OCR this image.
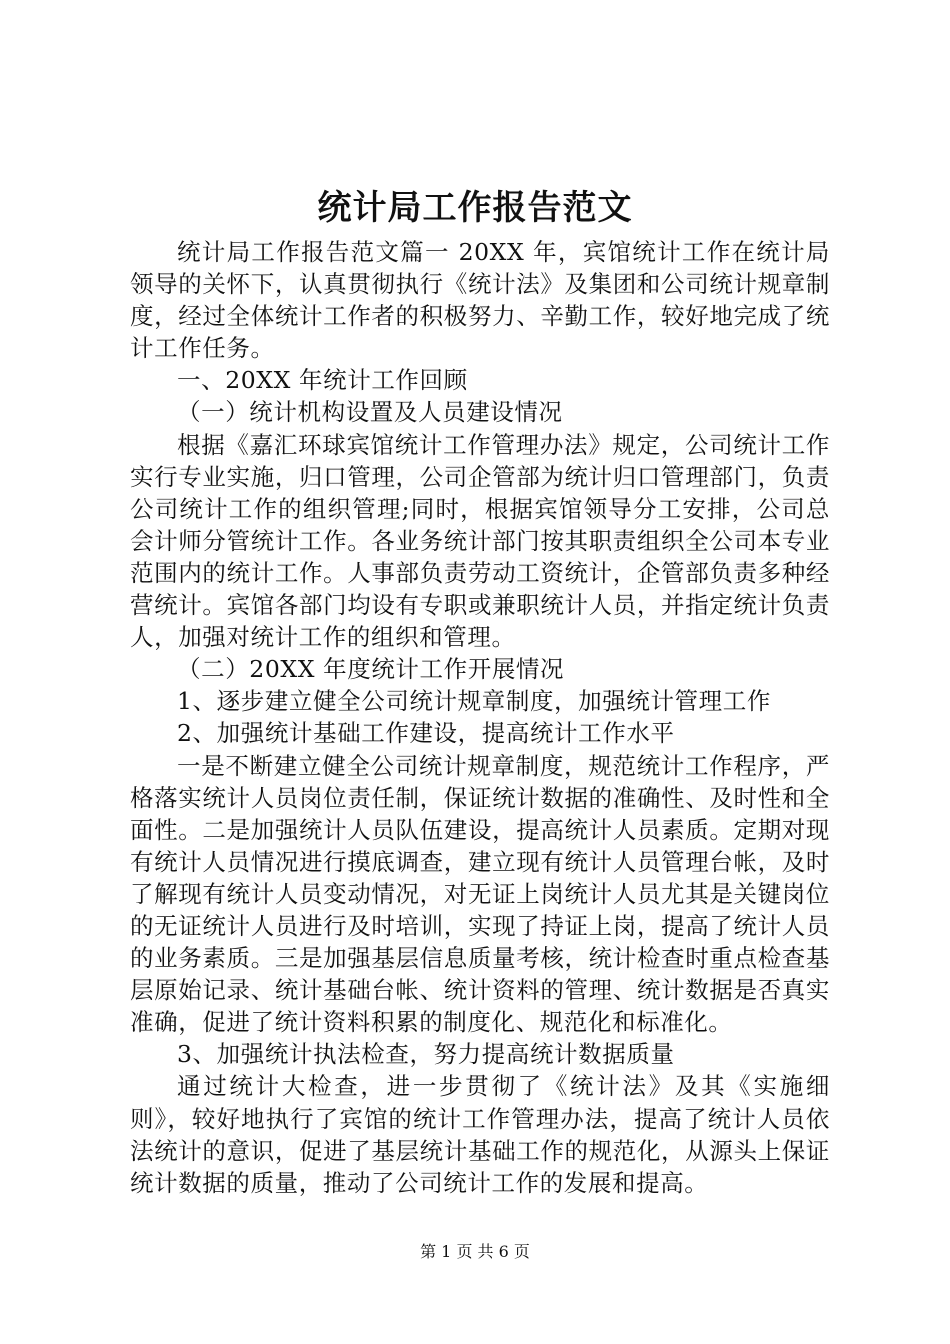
统计局工作报告范文

统计局工作报告范文篇一 20XX 年，宾馆统计工作在统计局领导的关怀下，认真贯彻执行《统计法》及集团和公司统计规章制度，经过全体统计工作者的积极努力、辛勤工作，较好地完成了统计工作任务。

一、20XX 年统计工作回顾

（一）统计机构设置及人员建设情况

根据《嘉汇环球宾馆统计工作管理办法》规定，公司统计工作实行专业实施，归口管理，公司企管部为统计归口管理部门，负责公司统计工作的组织管理;同时，根据宾馆领导分工安排，公司总会计师分管统计工作。各业务统计部门按其职责组织全公司本专业范围内的统计工作。人事部负责劳动工资统计，企管部负责多种经营统计。宾馆各部门均设有专职或兼职统计人员，并指定统计负责人，加强对统计工作的组织和管理。

（二）20XX 年度统计工作开展情况

1、逐步建立健全公司统计规章制度，加强统计管理工作

2、加强统计基础工作建设，提高统计工作水平

一是不断建立健全公司统计规章制度，规范统计工作程序，严格落实统计人员岗位责任制，保证统计数据的准确性、及时性和全面性。二是加强统计人员队伍建设，提高统计人员素质。定期对现有统计人员情况进行摸底调查，建立现有统计人员管理台帐，及时了解现有统计人员变动情况，对无证上岗统计人员尤其是关键岗位的无证统计人员进行及时培训，实现了持证上岗，提高了统计人员的业务素质。三是加强基层信息质量考核，统计检查时重点检查基层原始记录、统计基础台帐、统计资料的管理、统计数据是否真实准确，促进了统计资料积累的制度化、规范化和标准化。

3、加强统计执法检查，努力提高统计数据质量

通过统计大检查，进一步贯彻了《统计法》及其《实施细则》，较好地执行了宾馆的统计工作管理办法，提高了统计人员依法统计的意识，促进了基层统计基础工作的规范化，从源头上保证统计数据的质量，推动了公司统计工作的发展和提高。

第 1 页 共 6 页
